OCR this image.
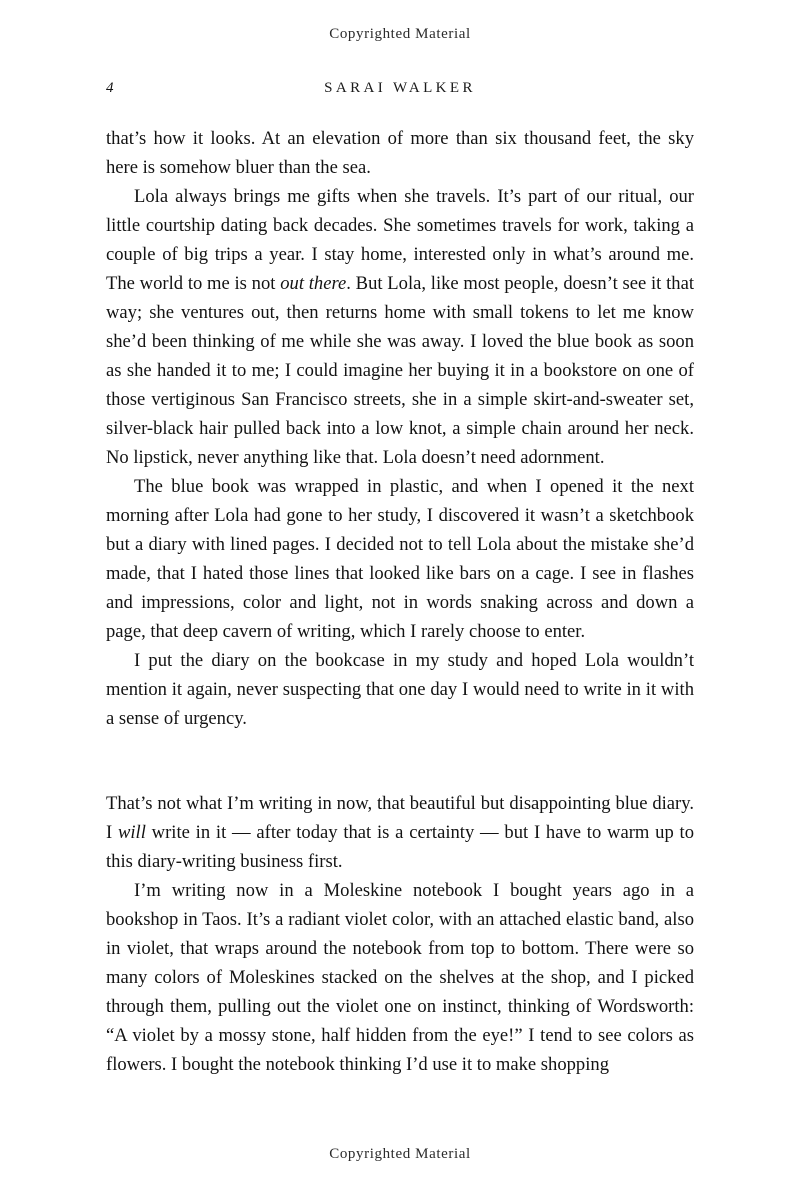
Copyrighted Material
4	SARAI WALKER

that’s how it looks. At an elevation of more than six thousand feet, the sky here is somehow bluer than the sea.

Lola always brings me gifts when she travels. It’s part of our ritual, our little courtship dating back decades. She sometimes travels for work, taking a couple of big trips a year. I stay home, interested only in what’s around me. The world to me is not out there. But Lola, like most people, doesn’t see it that way; she ventures out, then returns home with small tokens to let me know she’d been thinking of me while she was away. I loved the blue book as soon as she handed it to me; I could imagine her buying it in a bookstore on one of those vertiginous San Francisco streets, she in a simple skirt-and-sweater set, silver-black hair pulled back into a low knot, a simple chain around her neck. No lipstick, never anything like that. Lola doesn’t need adornment.

The blue book was wrapped in plastic, and when I opened it the next morning after Lola had gone to her study, I discovered it wasn’t a sketchbook but a diary with lined pages. I decided not to tell Lola about the mistake she’d made, that I hated those lines that looked like bars on a cage. I see in flashes and impressions, color and light, not in words snaking across and down a page, that deep cavern of writing, which I rarely choose to enter.

I put the diary on the bookcase in my study and hoped Lola wouldn’t mention it again, never suspecting that one day I would need to write in it with a sense of urgency.

That’s not what I’m writing in now, that beautiful but disappointing blue diary. I will write in it — after today that is a certainty — but I have to warm up to this diary-writing business first.

I’m writing now in a Moleskine notebook I bought years ago in a bookshop in Taos. It’s a radiant violet color, with an attached elastic band, also in violet, that wraps around the notebook from top to bottom. There were so many colors of Moleskines stacked on the shelves at the shop, and I picked through them, pulling out the violet one on instinct, thinking of Wordsworth: “A violet by a mossy stone, half hidden from the eye!” I tend to see colors as flowers. I bought the notebook thinking I’d use it to make shopping

Copyrighted Material
